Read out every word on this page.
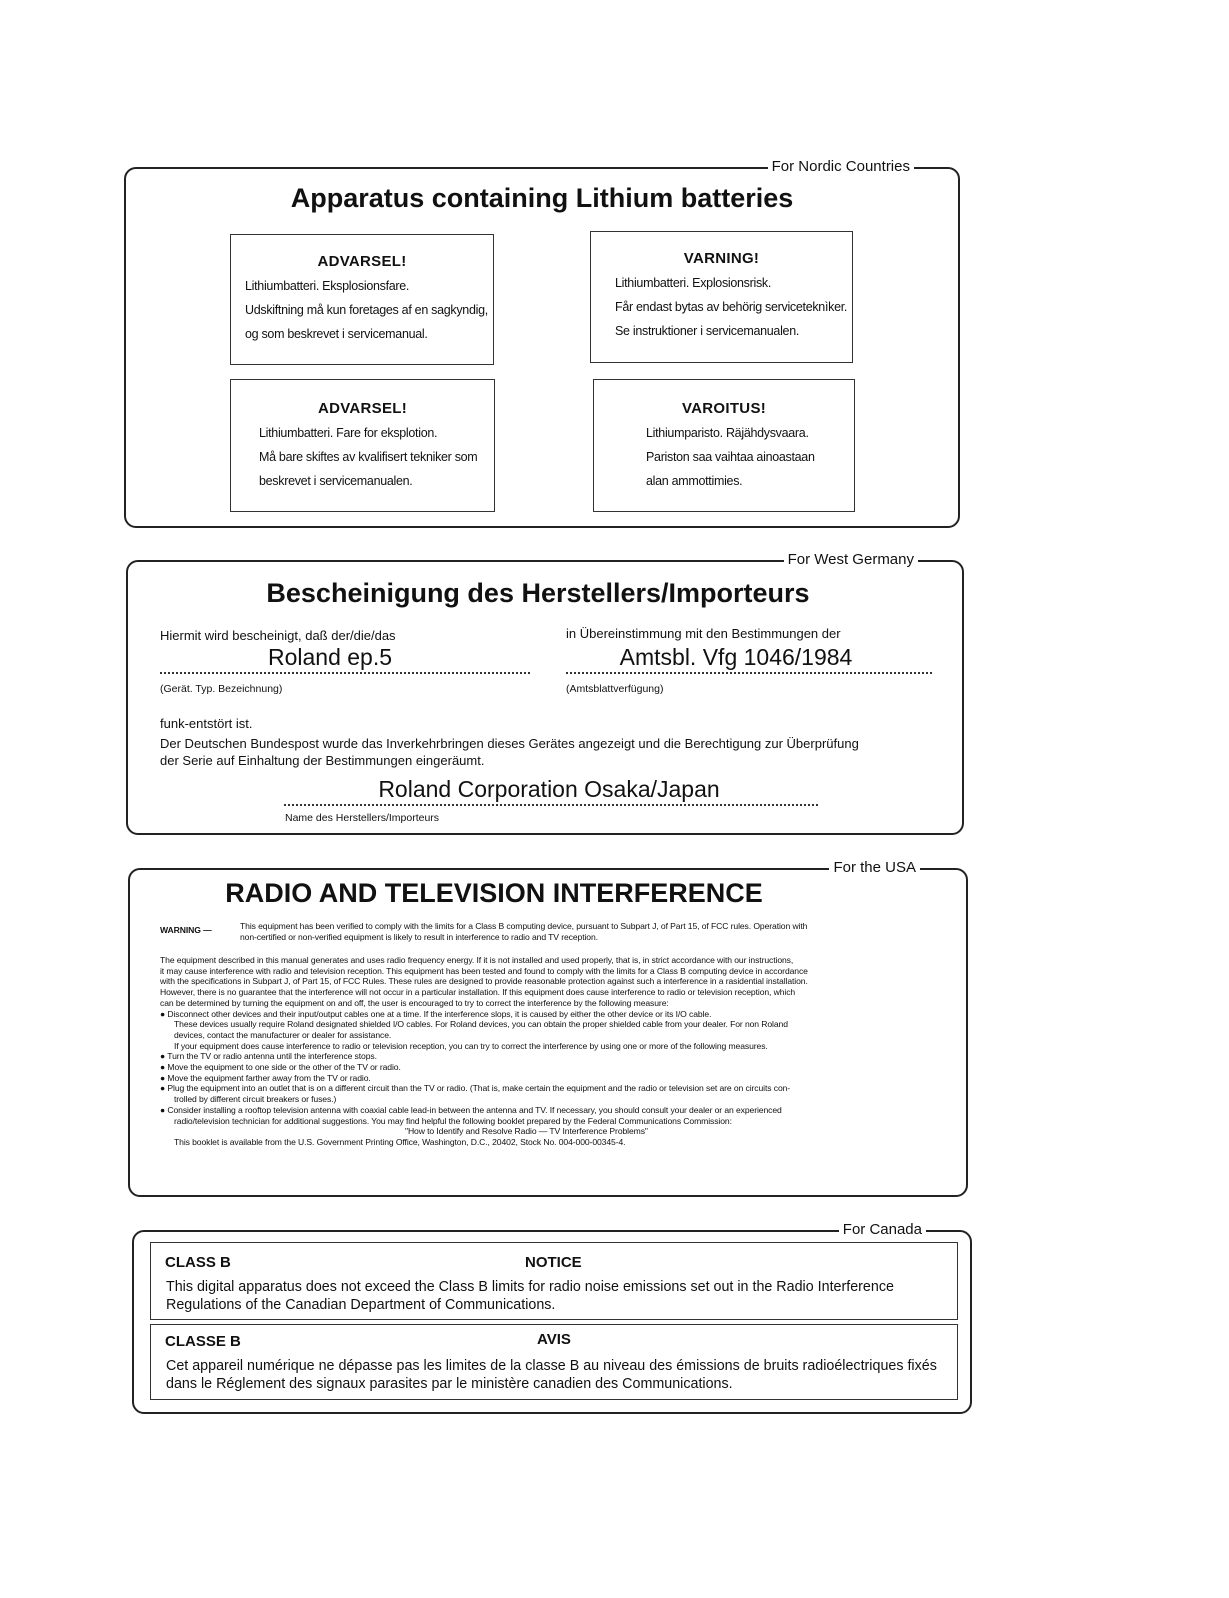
For Nordic Countries
Apparatus containing Lithium batteries
ADVARSEL!
Lithiumbatteri. Eksplosionsfare.
Udskiftning må kun foretages af en sagkyndig,
og som beskrevet i servicemanual.
VARNING!
Lithiumbatteri. Explosionsrisk.
Får endast bytas av behörig serviceteknìker.
Se instruktioner i servicemanualen.
ADVARSEL!
Lithiumbatteri. Fare for eksplotion.
Må bare skiftes av kvalifisert tekniker som
beskrevet i servicemanualen.
VAROITUS!
Lithiumparisto. Räjähdysvaara.
Pariston saa vaihtaa ainoastaan
alan ammottimies.
For West Germany
Bescheinigung des Herstellers/Importeurs
Hiermit wird bescheinigt, daß der/die/das
Roland ep.5
(Gerät. Typ. Bezeichnung)
in Übereinstimmung mit den Bestimmungen der
Amtsbl. Vfg 1046/1984
(Amtsblattverfügung)
funk-entstört ist.
Der Deutschen Bundespost wurde das Inverkehrbringen dieses Gerätes angezeigt und die Berechtigung zur Überprüfung
der Serie auf Einhaltung der Bestimmungen eingeräumt.
Roland Corporation Osaka/Japan
Name des Herstellers/Importeurs
For the USA
RADIO AND TELEVISION INTERFERENCE
WARNING —	This equipment has been verified to comply with the limits for a Class B computing device, pursuant to Subpart J, of Part 15, of FCC rules. Operation with

non-certified or non-verified equipment is likely to result in interference to radio and TV reception.

The equipment described in this manual generates and uses radio frequency energy. If it is not installed and used properly, that is, in strict accordance with our instructions,

it may cause interference with radio and television reception. This equipment has been tested and found to comply with the limits for a Class B computing device in accordance

with the specifications in Subpart J, of Part 15, of FCC Rules. These rules are designed to provide reasonable protection against such a interference in a rasidential installation.

However, there is no guarantee that the interference will not occur in a particular installation. If this equipment does cause interference to radio or television reception, which

can be determined by turning the equipment on and off, the user is encouraged to try to correct the interference by the following measure:

● Disconnect other devices and their input/output cables one at a time. If the interference slops, it is caused by either the other device or its I/O cable.

These devices usually require Roland designated shielded I/O cables. For Roland devices, you can obtain the proper shielded cable from your dealer. For non Roland

devices, contact the manufacturer or dealer for assistance.

If your equipment does cause interference to radio or television reception, you can try to correct the interference by using one or more of the following measures.

● Turn the TV or radio antenna until the interference stops.

● Move the equipment to one side or the other of the TV or radio.

● Move the equipment farther away from the TV or radio.

● Plug the equipment into an outlet that is on a different circuit than the TV or radio. (That is, make certain the equipment and the radio or television set are on circuits con-

trolled by different circuit breakers or fuses.)

● Consider installing a rooftop television antenna with coaxial cable lead-in between the antenna and TV. If necessary, you should consult your dealer or an experienced

radio/television technician for additional suggestions. You may find helpful the following booklet prepared by the Federal Communications Commission:

"How to Identify and Resolve Radio — TV Interference Problems"

This booklet is available from the U.S. Government Printing Office, Washington, D.C., 20402, Stock No. 004-000-00345-4.

For Canada
CLASS B	NOTICE
This digital apparatus does not exceed the Class B limits for radio noise emissions set out in the Radio Interference
Regulations of the Canadian Department of Communications.
CLASSE B	AVIS
Cet appareil numérique ne dépasse pas les limites de la classe B au niveau des émissions de bruits radioélectriques fixés
dans le Réglement des signaux parasites par le ministère canadien des Communications.
